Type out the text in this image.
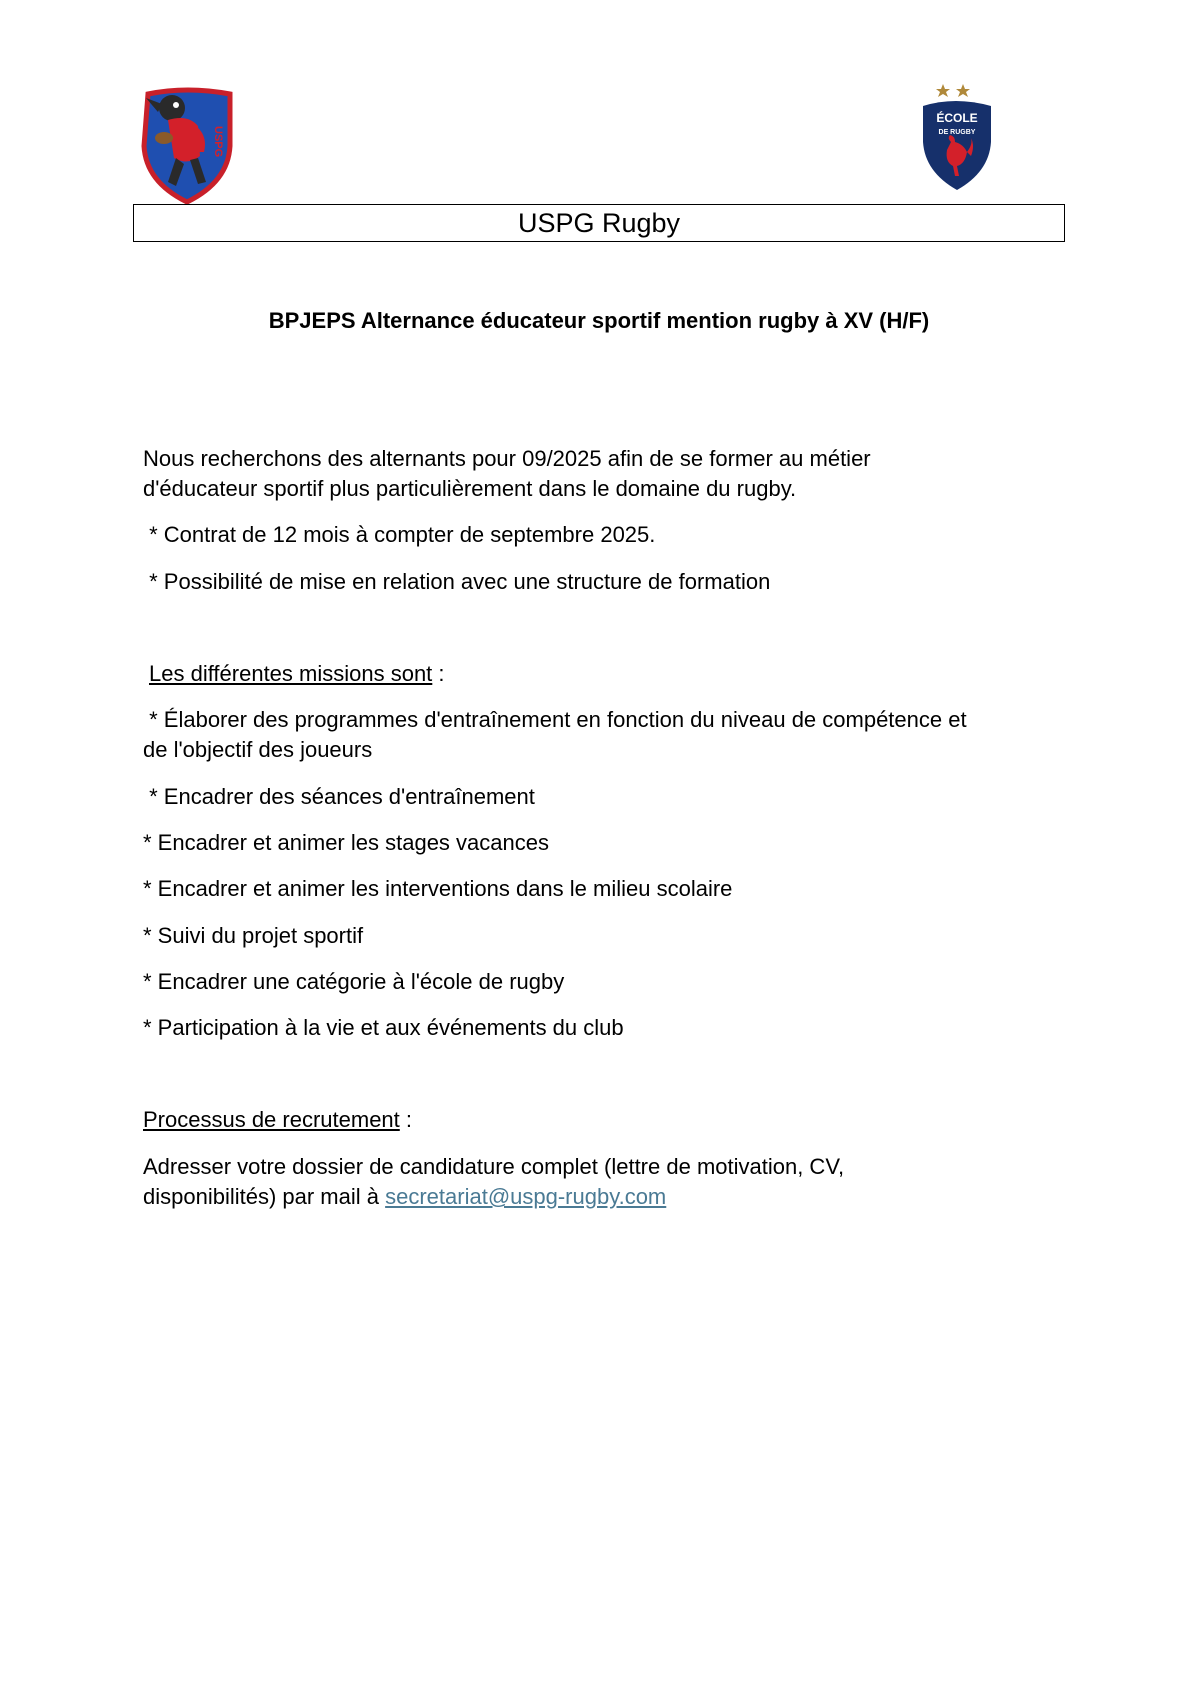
USPG
ÉCOLE
DE RUGBY
USPG Rugby
BPJEPS Alternance éducateur sportif mention rugby à XV (H/F)

Nous recherchons des alternants pour 09/2025 afin de se former au métier

d'éducateur sportif plus particulièrement dans le domaine du rugby.

* Contrat de 12 mois à compter de septembre 2025.

* Possibilité de mise en relation avec une structure de formation

Les différentes missions sont :

* Élaborer des programmes d'entraînement en fonction du niveau de compétence et

de l'objectif des joueurs

* Encadrer des séances d'entraînement

* Encadrer et animer les stages vacances

* Encadrer et animer les interventions dans le milieu scolaire

* Suivi du projet sportif

* Encadrer une catégorie à l'école de rugby

* Participation à la vie et aux événements du club

Processus de recrutement :

Adresser votre dossier de candidature complet (lettre de motivation, CV,

disponibilités) par mail à secretariat@uspg-rugby.com
